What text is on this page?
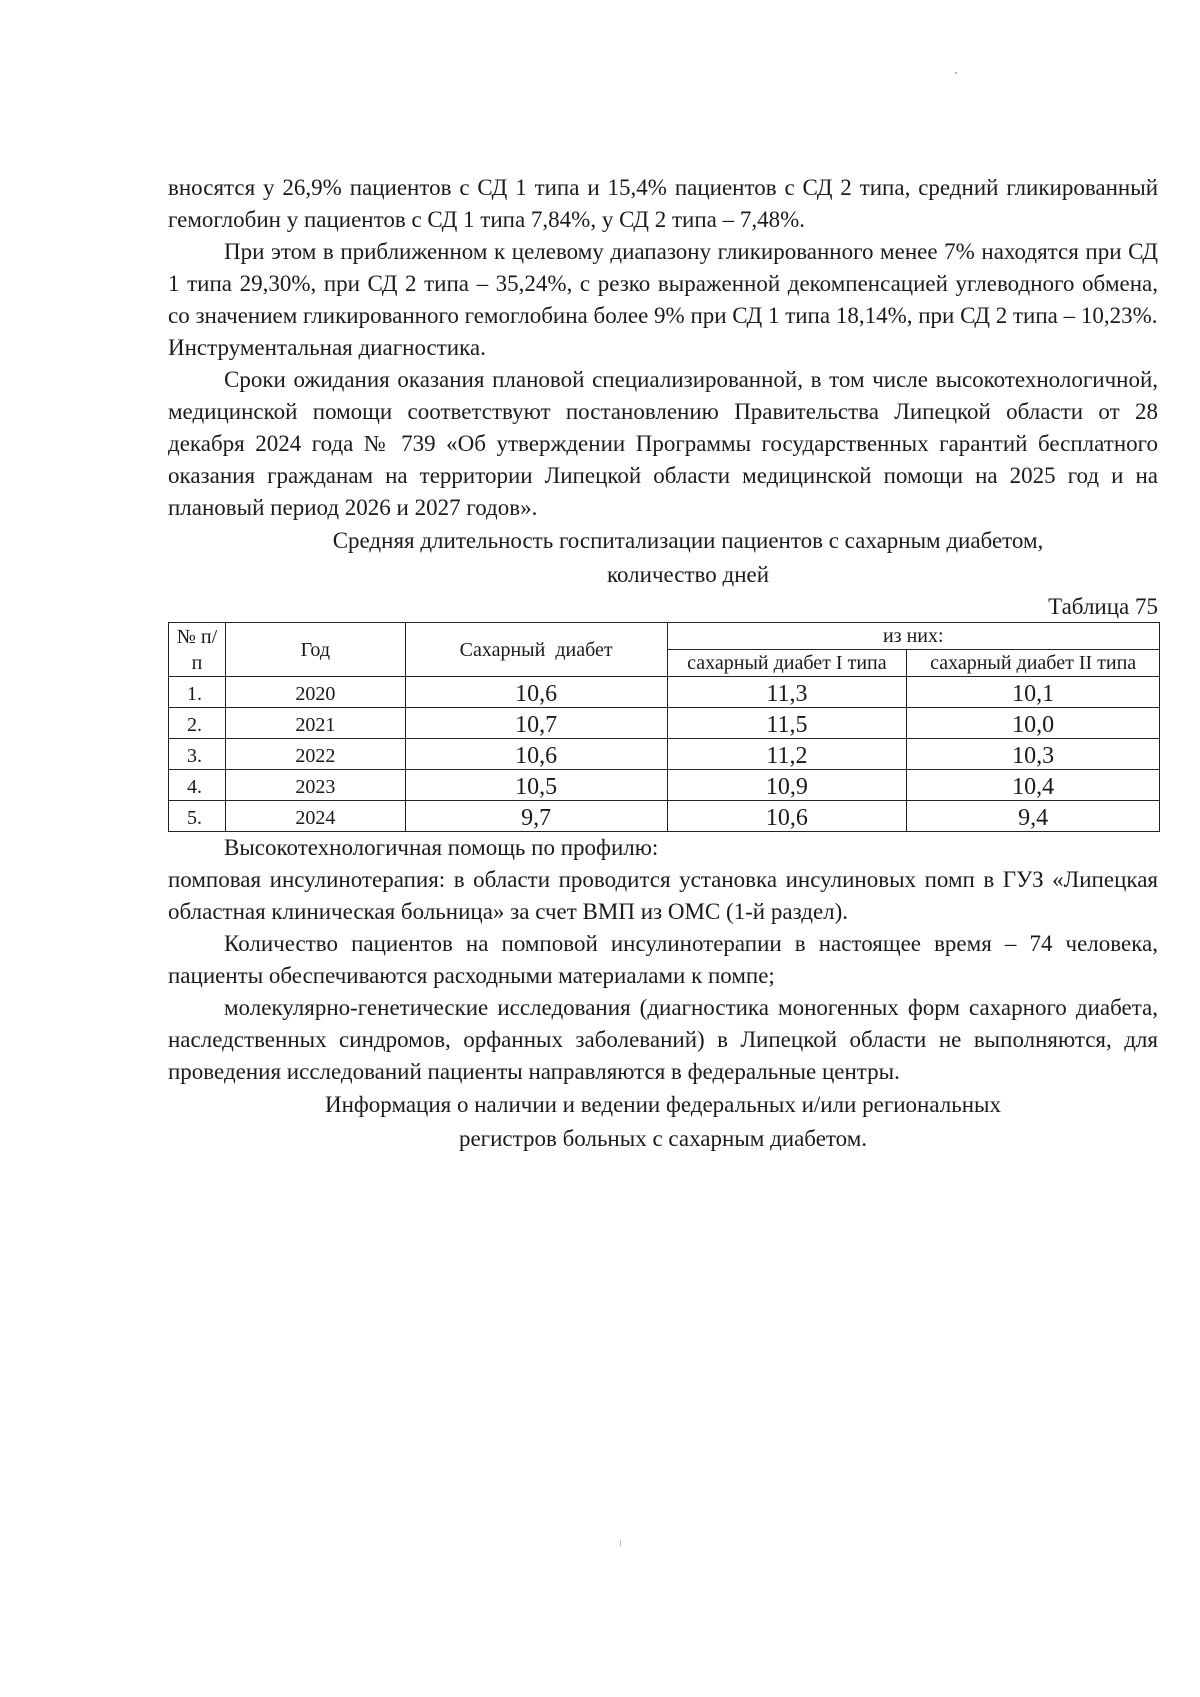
вносятся у 26,9% пациентов с СД 1 типа и 15,4% пациентов с СД 2 типа, средний гликированный гемоглобин у пациентов с СД 1 типа 7,84%, у СД 2 типа – 7,48%.

При этом в приближенном к целевому диапазону гликированного менее 7% находятся при СД 1 типа 29,30%, при СД 2 типа – 35,24%, с резко выраженной декомпенсацией углеводного обмена, со значением гликированного гемоглобина более 9% при СД 1 типа 18,14%, при СД 2 типа – 10,23%.

Инструментальная диагностика.

Сроки ожидания оказания плановой специализированной, в том числе высокотехнологичной, медицинской помощи соответствуют постановлению Правительства Липецкой области от 28 декабря 2024 года № 739 «Об утверждении Программы государственных гарантий бесплатного оказания гражданам на территории Липецкой области медицинской помощи на 2025 год и на плановый период 2026 и 2027 годов».

Средняя длительность госпитализации пациентов с сахарным диабетом,
количество дней

Таблица 75

№ п/п	Год	Сахарный  диабет	из них:	
			сахарный диабет I типа	сахарный диабет II типа
1.	2020	10,6	11,3	10,1
2.	2021	10,7	11,5	10,0
3.	2022	10,6	11,2	10,3
4.	2023	10,5	10,9	10,4
5.	2024	9,7	10,6	9,4

Высокотехнологичная помощь по профилю:

помповая инсулинотерапия: в области проводится установка инсулиновых помп в ГУЗ «Липецкая областная клиническая больница» за счет ВМП из ОМС (1-й раздел).

Количество пациентов на помповой инсулинотерапии в настоящее время – 74 человека, пациенты обеспечиваются расходными материалами к помпе;

молекулярно-генетические исследования (диагностика моногенных форм сахарного диабета, наследственных синдромов, орфанных заболеваний) в Липецкой области не выполняются, для проведения исследований пациенты направляются в федеральные центры.

Информация о наличии и ведении федеральных и/или региональных
регистров больных с сахарным диабетом.
